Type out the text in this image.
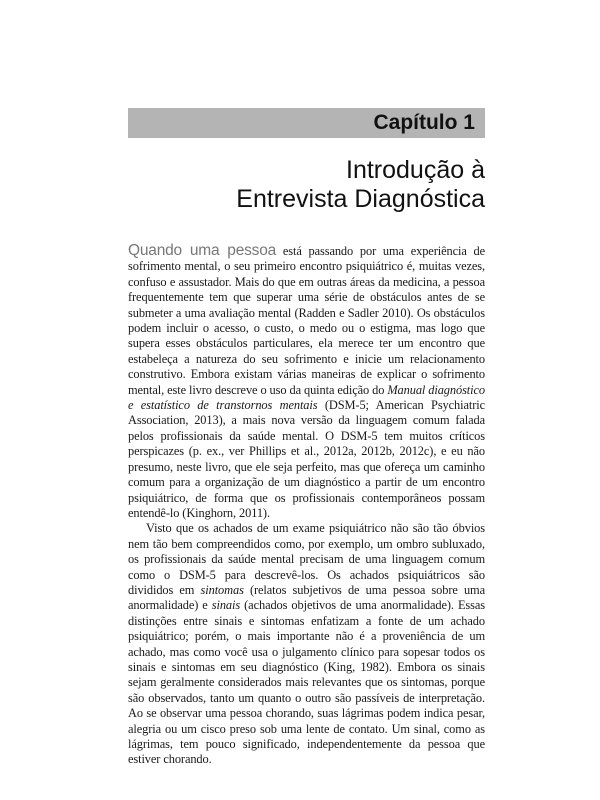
Capítulo 1
Introdução à
Entrevista Diagnóstica

Quando uma pessoa está passando por uma experiência de sofrimento mental, o seu primeiro encontro psiquiátrico é, muitas vezes, confuso e assustador. Mais do que em outras áreas da medicina, a pessoa frequentemente tem que superar uma série de obstáculos antes de se submeter a uma avaliação mental (Radden e Sadler 2010). Os obstáculos podem incluir o acesso, o custo, o medo ou o estigma, mas logo que supera esses obstáculos particulares, ela merece ter um encontro que estabeleça a natureza do seu sofrimento e inicie um relacionamento construtivo. Embora existam várias maneiras de explicar o sofrimento mental, este livro descreve o uso da quinta edição do Manual diagnóstico e estatístico de transtornos mentais (DSM-5; American Psychiatric Association, 2013), a mais nova versão da linguagem comum falada pelos profissionais da saúde mental. O DSM-5 tem muitos críticos perspicazes (p. ex., ver Phillips et al., 2012a, 2012b, 2012c), e eu não presumo, neste livro, que ele seja perfeito, mas que ofereça um caminho comum para a organização de um diagnóstico a partir de um encontro psiquiátrico, de forma que os profissionais contemporâneos possam entendê-lo (Kinghorn, 2011).

Visto que os achados de um exame psiquiátrico não são tão óbvios nem tão bem compreendidos como, por exemplo, um ombro subluxado, os profissionais da saúde mental precisam de uma linguagem comum como o DSM-5 para descrevê-los. Os achados psiquiátricos são divididos em sintomas (relatos subjetivos de uma pessoa sobre uma anormalidade) e sinais (achados objetivos de uma anormalidade). Essas distinções entre sinais e sintomas enfatizam a fonte de um achado psiquiátrico; porém, o mais importante não é a proveniência de um achado, mas como você usa o julgamento clínico para sopesar todos os sinais e sintomas em seu diagnóstico (King, 1982). Embora os sinais sejam geralmente considerados mais relevantes que os sintomas, porque são observados, tanto um quanto o outro são passíveis de interpretação. Ao se observar uma pessoa chorando, suas lágrimas podem indica pesar, alegria ou um cisco preso sob uma lente de contato. Um sinal, como as lágrimas, tem pouco significado, independentemente da pessoa que estiver chorando.
